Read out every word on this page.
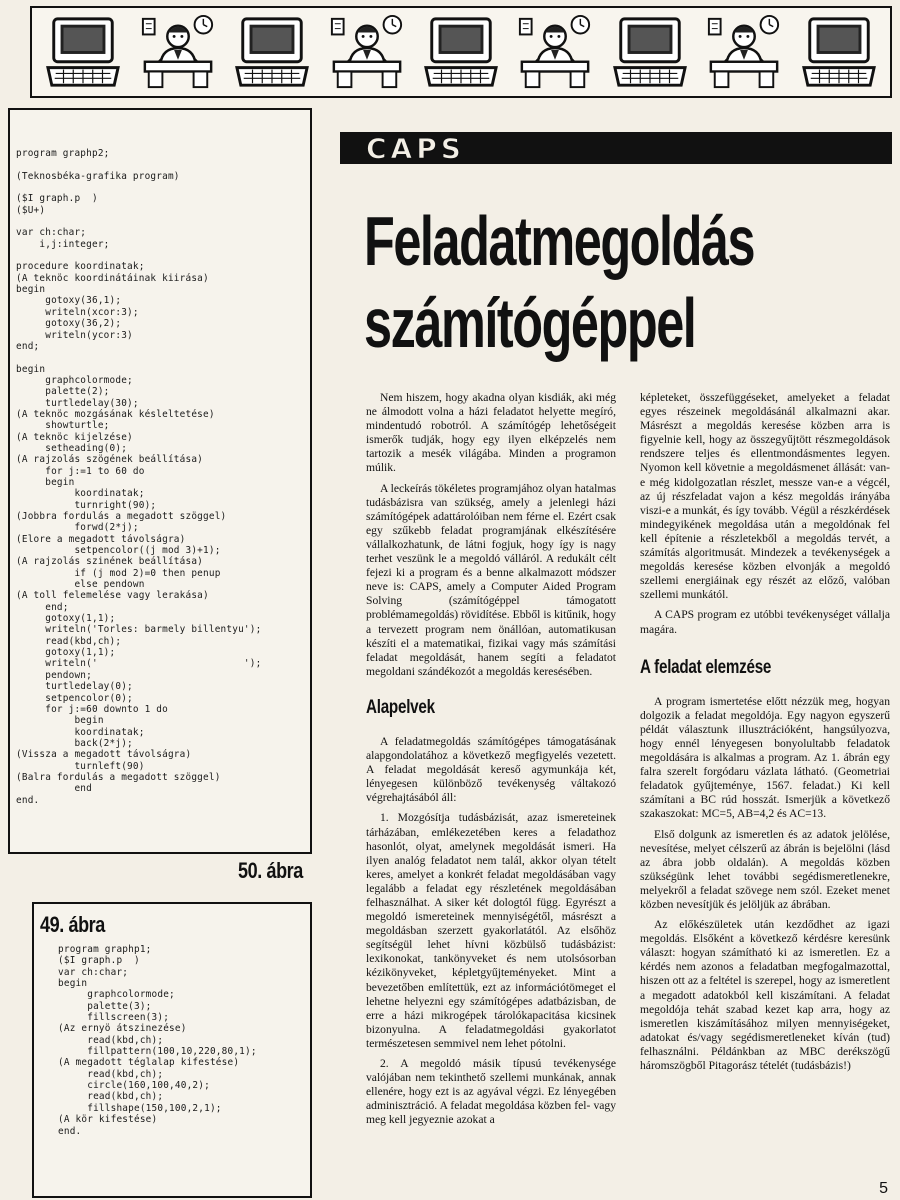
program graphp2;

(Teknosbéka-grafika program)

($I graph.p  )
($U+)

var ch:char;
i,j:integer;

procedure koordinatak;
(A teknöc koordinátáinak kiirása)
begin
gotoxy(36,1);
writeln(xcor:3);
gotoxy(36,2);
writeln(ycor:3)
end;

begin
graphcolormode;
palette(2);
turtledelay(30);
(A teknöc mozgásának késleltetése)
showturtle;
(A teknöc kijelzése)
setheading(0);
(A rajzolás szögének beállítása)
for j:=1 to 60 do
begin
koordinatak;
turnright(90);
(Jobbra fordulás a megadott szöggel)
forwd(2*j);
(Elore a megadott távolságra)
setpencolor((j mod 3)+1);
(A rajzolás szinének beállítása)
if (j mod 2)=0 then penup
else pendown
(A toll felemelése vagy lerakása)
end;
gotoxy(1,1);
writeln('Torles: barmely billentyu');
read(kbd,ch);
gotoxy(1,1);
writeln('                         ');
pendown;
turtledelay(0);
setpencolor(0);
for j:=60 downto 1 do
begin
koordinatak;
back(2*j);
(Vissza a megadott távolságra)
turnleft(90)
(Balra fordulás a megadott szöggel)
end
end.
50. ábra
49. ábra
program graphp1;
($I graph.p  )
var ch:char;
begin
graphcolormode;
palette(3);
fillscreen(3);
(Az ernyö átszinezése)
read(kbd,ch);
fillpattern(100,10,220,80,1);
(A megadott téglalap kifestése)
read(kbd,ch);
circle(160,100,40,2);
read(kbd,ch);
fillshape(150,100,2,1);
(A kör kifestése)
end.
CAPS
Feladatmegoldás
számítógéppel

Nem hiszem, hogy akadna olyan kisdiák, aki még ne álmodott volna a házi feladatot helyette megíró, mindentudó robotról. A számítógép lehetőségeit ismerők tudják, hogy egy ilyen elképzelés nem tartozik a mesék világába. Minden a programon múlik.

A leckeírás tökéletes programjához olyan hatalmas tudásbázisra van szükség, amely a jelenlegi házi számítógépek adattárolóiban nem férne el. Ezért csak egy szűkebb feladat programjának elkészítésére vállalkozhatunk, de látni fogjuk, hogy így is nagy terhet veszünk le a megoldó válláról. A redukált célt fejezi ki a program és a benne alkalmazott módszer neve is: CAPS, amely a Computer Aided Program Solving (számítógéppel támogatott problémamegoldás) rövidítése. Ebből is kitűnik, hogy a tervezett program nem önállóan, automatikusan készíti el a matematikai, fizikai vagy más számítási feladat megoldását, hanem segíti a feladatot megoldani szándékozót a megoldás keresésében.

Alapelvek

A feladatmegoldás számítógépes támogatásának alapgondolatához a következő megfigyelés vezetett. A feladat megoldását kereső agymunkája két, lényegesen különböző tevékenység váltakozó végrehajtásából áll:

1. Mozgósítja tudásbázisát, azaz ismereteinek tárházában, emlékezetében keres a feladathoz hasonlót, olyat, amelynek megoldását ismeri. Ha ilyen analóg feladatot nem talál, akkor olyan tételt keres, amelyet a konkrét feladat megoldásában vagy legalább a feladat egy részletének megoldásában felhasználhat. A siker két dologtól függ. Egyrészt a megoldó ismereteinek mennyiségétől, másrészt a megoldásban szerzett gyakorlatától. Az elsőhöz segítségül lehet hívni közbülső tudásbázist: lexikonokat, tankönyveket és nem utolsósorban kézikönyveket, képletgyűjteményeket. Mint a bevezetőben említettük, ezt az információtömeget el lehetne helyezni egy számítógépes adatbázisban, de erre a házi mikrogépek tárolókapacitása kicsinek bizonyulna. A feladatmegoldási gyakorlatot természetesen semmivel nem lehet pótolni.

2. A megoldó másik típusú tevékenysége valójában nem tekinthető szellemi munkának, annak ellenére, hogy ezt is az agyával végzi. Ez lényegében adminisztráció. A feladat megoldása közben fel- vagy meg kell jegyeznie azokat a

képleteket, összefüggéseket, amelyeket a feladat egyes részeinek megoldásánál alkalmazni akar. Másrészt a megoldás keresése közben arra is figyelnie kell, hogy az összegyűjtött részmegoldások rendszere teljes és ellentmondásmentes legyen. Nyomon kell követnie a megoldásmenet állását: van-e még kidolgozatlan részlet, messze van-e a végcél, az új részfeladat vajon a kész megoldás irányába viszi-e a munkát, és így tovább. Végül a részkérdések mindegyikének megoldása után a megoldónak fel kell építenie a részletekből a megoldás tervét, a számítás algoritmusát. Mindezek a tevékenységek a megoldás keresése közben elvonják a megoldó szellemi energiáinak egy részét az előző, valóban szellemi munkától.

A CAPS program ez utóbbi tevékenységet vállalja magára.

A feladat elemzése

A program ismertetése előtt nézzük meg, hogyan dolgozik a feladat megoldója. Egy nagyon egyszerű példát választunk illusztrációként, hangsúlyozva, hogy ennél lényegesen bonyolultabb feladatok megoldására is alkalmas a program. Az 1. ábrán egy falra szerelt forgódaru vázlata látható. (Geometriai feladatok gyűjteménye, 1567. feladat.) Ki kell számítani a BC rúd hosszát. Ismerjük a következő szakaszokat: MC=5, AB=4,2 és AC=13.

Első dolgunk az ismeretlen és az adatok jelölése, nevesítése, melyet célszerű az ábrán is bejelölni (lásd az ábra jobb oldalán). A megoldás közben szükségünk lehet további segédismeretlenekre, melyekről a feladat szövege nem szól. Ezeket menet közben nevesítjük és jelöljük az ábrában.

Az előkészületek után kezdődhet az igazi megoldás. Elsőként a következő kérdésre keresünk választ: hogyan számítható ki az ismeretlen. Ez a kérdés nem azonos a feladatban megfogalmazottal, hiszen ott az a feltétel is szerepel, hogy az ismeretlent a megadott adatokból kell kiszámítani. A feladat megoldója tehát szabad kezet kap arra, hogy az ismeretlen kiszámításához milyen mennyiségeket, adatokat és/vagy segédismeretleneket kíván (tud) felhasználni. Példánkban az MBC derékszögű háromszögből Pitagorász tételét (tudásbázis!)

5
